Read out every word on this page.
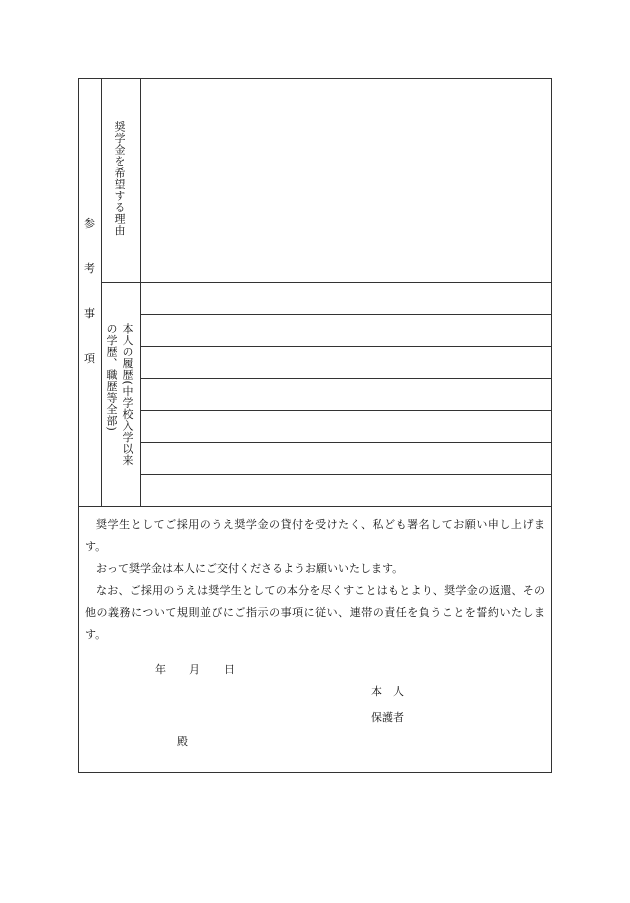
参
考
事
項
奨学金を希望する理由
本人の履歴(中学校入学以来
の学歴、職歴等全部)

奨学生としてご採用のうえ奨学金の貸付を受けたく、私ども署名してお願い申し上げます。

おって奨学金は本人にご交付くださるようお願いいたします。

なお、ご採用のうえは奨学生としての本分を尽くすことはもとより、奨学金の返還、その他の義務について規則並びにご指示の事項に従い、連帯の責任を負うことを誓約いたします。

年 月 日
本　人
保護者
殿
